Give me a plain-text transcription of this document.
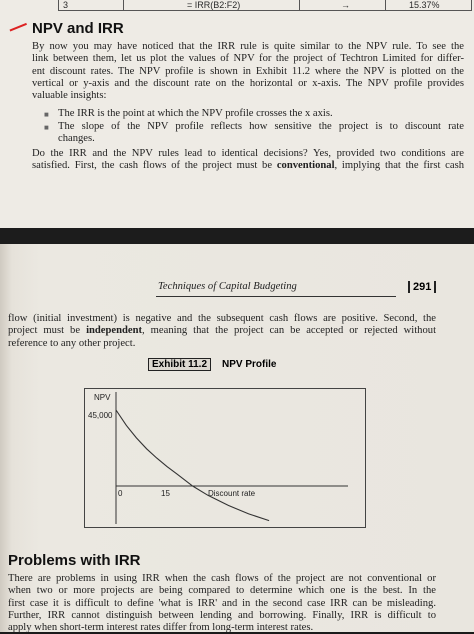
3	= IRR(B2:F2)	→	15.37%
NPV and IRR
By now you may have noticed that the IRR rule is quite similar to the NPV rule. To see the
link between them, let us plot the values of NPV for the project of Techtron Limited for differ-
ent discount rates. The NPV profile is shown in Exhibit 11.2 where the NPV is plotted on the
vertical or y-axis and the discount rate on the horizontal or x-axis. The NPV profile provides
valuable insights:
■ The IRR is the point at which the NPV profile crosses the x axis.
■ The slope of the NPV profile reflects how sensitive the project is to discount rate
changes.
Do the IRR and the NPV rules lead to identical decisions? Yes, provided two conditions are
satisfied. First, the cash flows of the project must be conventional, implying that the first cash
Techniques of Capital Budgeting	291
flow (initial investment) is negative and the subsequent cash flows are positive. Second, the
project must be independent, meaning that the project can be accepted or rejected without
reference to any other project.
Exhibit 11.2	NPV Profile
NPV
45,000
0	15	Discount rate
Problems with IRR
There are problems in using IRR when the cash flows of the project are not conventional or
when two or more projects are being compared to determine which one is the best. In the
first case it is difficult to define 'what is IRR' and in the second case IRR can be misleading.
Further, IRR cannot distinguish between lending and borrowing. Finally, IRR is difficult to
apply when short-term interest rates differ from long-term interest rates.
